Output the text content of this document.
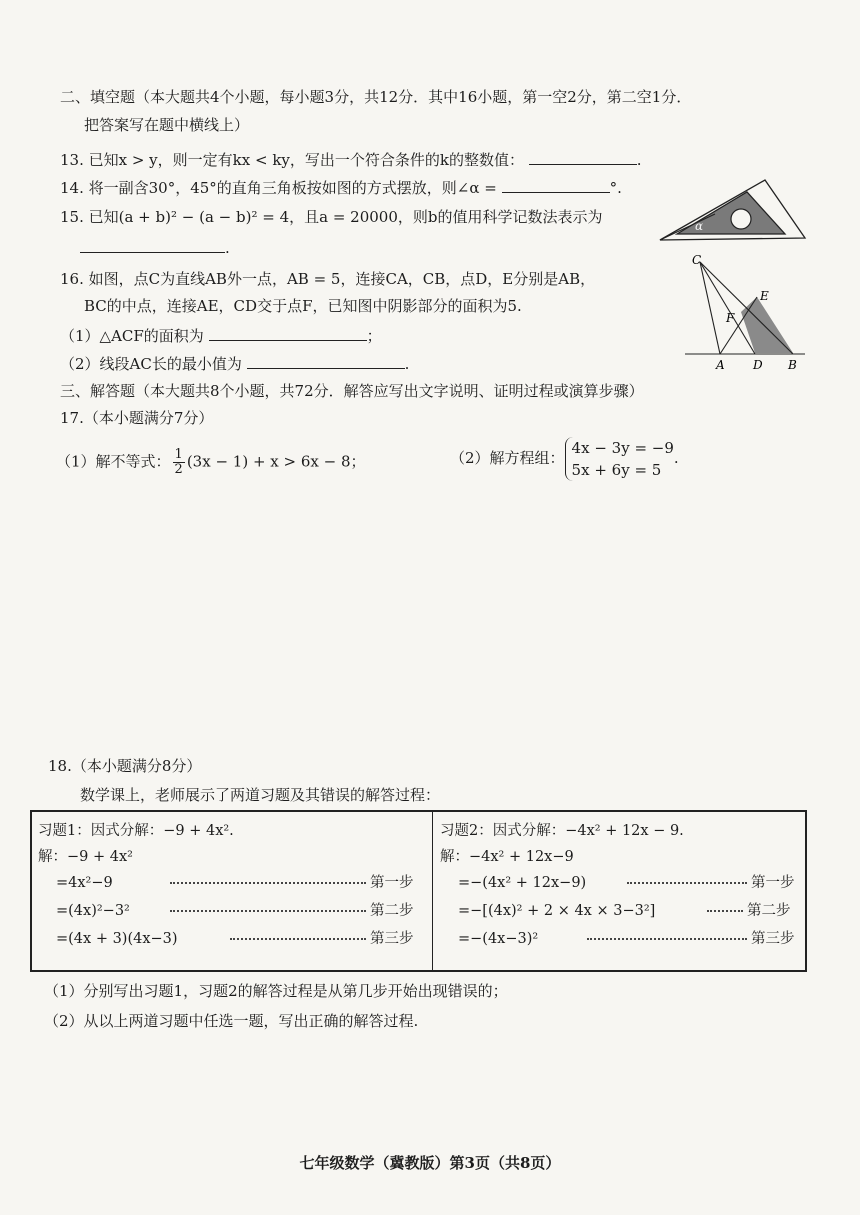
二、填空题（本大题共4个小题，每小题3分，共12分．其中16小题，第一空2分，第二空1分．
把答案写在题中横线上）
13. 已知x > y，则一定有kx < ky，写出一个符合条件的k的整数值：	.
14. 将一副含30°，45°的直角三角板按如图的方式摆放，则∠α =	°.
15. 已知(a + b)² − (a − b)² = 4，且a = 20000，则b的值用科学记数法表示为
.
α
16. 如图，点C为直线AB外一点，AB = 5，连接CA，CB，点D，E分别是AB，
BC的中点，连接AE，CD交于点F，已知图中阴影部分的面积为5.
（1）△ACF的面积为	；
（2）线段AC长的最小值为	.
C
E
F
A D B
三、解答题（本大题共8个小题，共72分．解答应写出文字说明、证明过程或演算步骤）
17.（本小题满分7分）
（1）解不等式： $\frac{1}{2} (3x - 1) + x > 6x - 8$；	（2）解方程组：
4x − 3y = −9
5x + 6y = 5
.
18.（本小题满分8分）
数学课上，老师展示了两道习题及其错误的解答过程：
习题1：因式分解：−9 + 4x².
解：−9 + 4x²
=4x²−9	第一步
=(4x)²−3²	第二步
=(4x + 3)(4x−3)	第三步
习题2：因式分解：−4x² + 12x − 9.
解：−4x² + 12x−9
=−(4x² + 12x−9)	第一步
=−[(4x)² + 2 × 4x × 3−3²]	第二步
=−(4x−3)²	第三步
（1）分别写出习题1，习题2的解答过程是从第几步开始出现错误的；
（2）从以上两道习题中任选一题，写出正确的解答过程.
七年级数学（冀教版）第3页（共8页）
